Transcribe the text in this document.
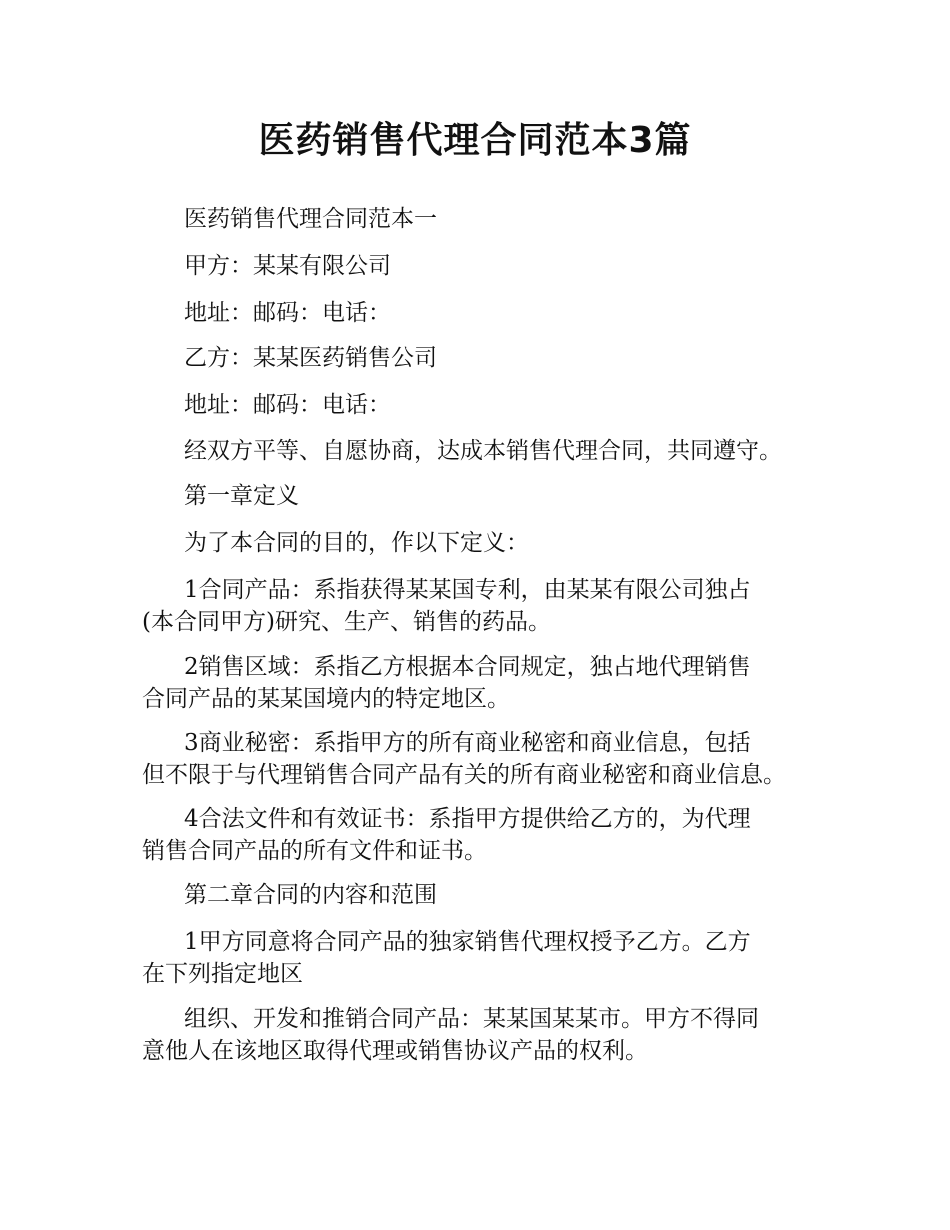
医药销售代理合同范本3篇

医药销售代理合同范本一

甲方：某某有限公司

地址：邮码：电话：

乙方：某某医药销售公司

地址：邮码：电话：

经双方平等、自愿协商，达成本销售代理合同，共同遵守。

第一章定义

为了本合同的目的，作以下定义：

1合同产品：系指获得某某国专利，由某某有限公司独占
(本合同甲方)研究、生产、销售的药品。

2销售区域：系指乙方根据本合同规定，独占地代理销售
合同产品的某某国境内的特定地区。

3商业秘密：系指甲方的所有商业秘密和商业信息，包括
但不限于与代理销售合同产品有关的所有商业秘密和商业信息。

4合法文件和有效证书：系指甲方提供给乙方的，为代理
销售合同产品的所有文件和证书。

第二章合同的内容和范围

1甲方同意将合同产品的独家销售代理权授予乙方。乙方
在下列指定地区

组织、开发和推销合同产品：某某国某某市。甲方不得同
意他人在该地区取得代理或销售协议产品的权利。
